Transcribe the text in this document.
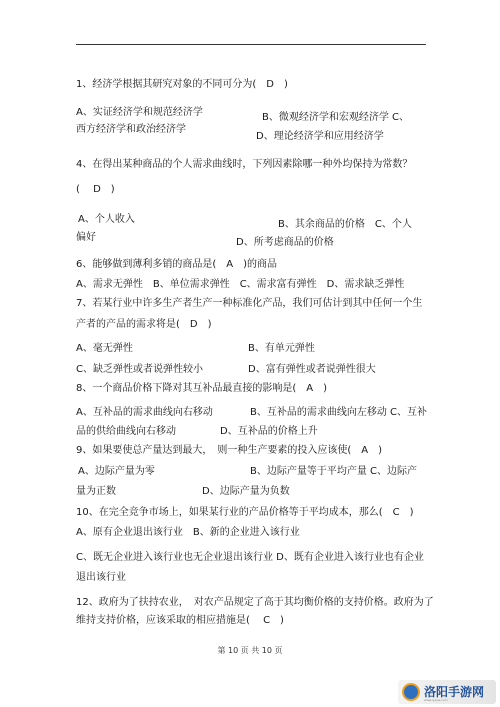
1、经济学根据其研究对象的不同可分为(　D　)
A、实证经济学和规范经济学	B、微观经济学和宏观经济学 C、
西方经济学和政治经济学
D、理论经济学和应用经济学
4、在得出某种商品的个人需求曲线时，下列因素除哪一种外均保持为常数？
(　 D　)
A、个人收入	B、其余商品的价格　C、个人
偏好	D、所考虑商品的价格
6、能够做到薄利多销的商品是(　A　)的商品
A、需求无弹性　B、单位需求弹性　C、需求富有弹性　D、需求缺乏弹性
7、若某行业中许多生产者生产一种标准化产品，我们可估计到其中任何一个生
产者的产品的需求将是(　D　)
A、毫无弹性	B、有单元弹性
C、缺乏弹性或者说弹性较小	D、富有弹性或者说弹性很大
8、一个商品价格下降对其互补品最直接的影响是(　A　)
A、互补品的需求曲线向右移动	B、互补品的需求曲线向左移动 C、互补
品的供给曲线向右移动	D、互补品的价格上升
9、如果要使总产量达到最大，　则一种生产要素的投入应该使(　A　)
A、边际产量为零	B、边际产量等于平均产量 C、边际产
量为正数	D、边际产量为负数
10、在完全竞争市场上，如果某行业的产品价格等于平均成本，那么(　C　)
A、原有企业退出该行业　B、新的企业进入该行业
C、既无企业进入该行业也无企业退出该行业 D、既有企业进入该行业也有企业
退出该行业
12、政府为了扶持农业，　对农产品规定了高于其均衡价格的支持价格。政府为了
维持支持价格，应该采取的相应措施是(　 C　)
第 10 页 共 10 页
洛阳手游网
www.lysyw.com
